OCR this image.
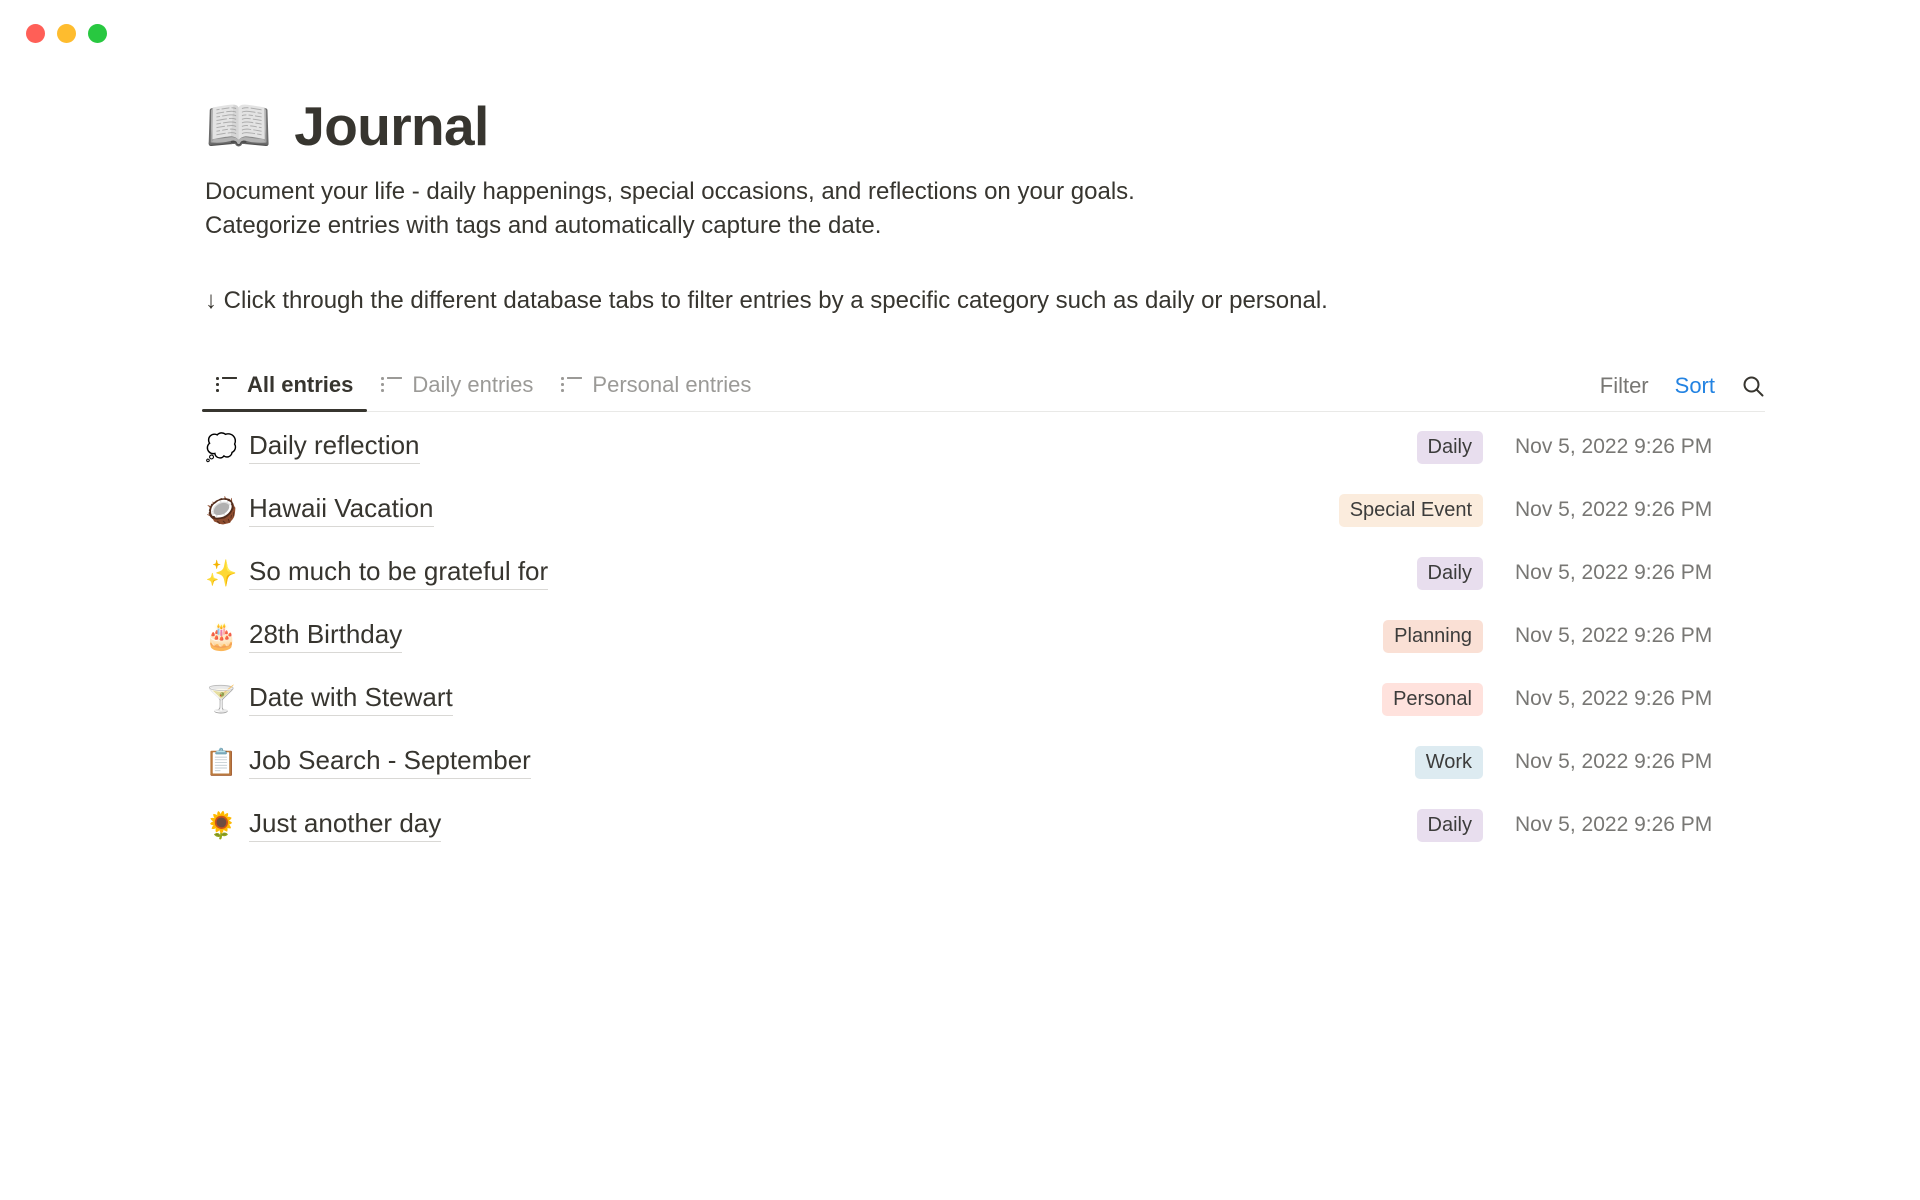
📖 Journal

Document your life - daily happenings, special occasions, and reflections on your goals.

Categorize entries with tags and automatically capture the date.

↓ Click through the different database tabs to filter entries by a specific category such as daily or personal.

All entries	Daily entries	Personal entries	Filter Sort
💭 Daily reflection	Daily	Nov 5, 2022 9:26 PM
🥥 Hawaii Vacation	Special Event	Nov 5, 2022 9:26 PM
✨ So much to be grateful for	Daily	Nov 5, 2022 9:26 PM
🎂 28th Birthday	Planning	Nov 5, 2022 9:26 PM
🍸 Date with Stewart	Personal	Nov 5, 2022 9:26 PM
📋 Job Search - September	Work	Nov 5, 2022 9:26 PM
🌻 Just another day	Daily	Nov 5, 2022 9:26 PM
